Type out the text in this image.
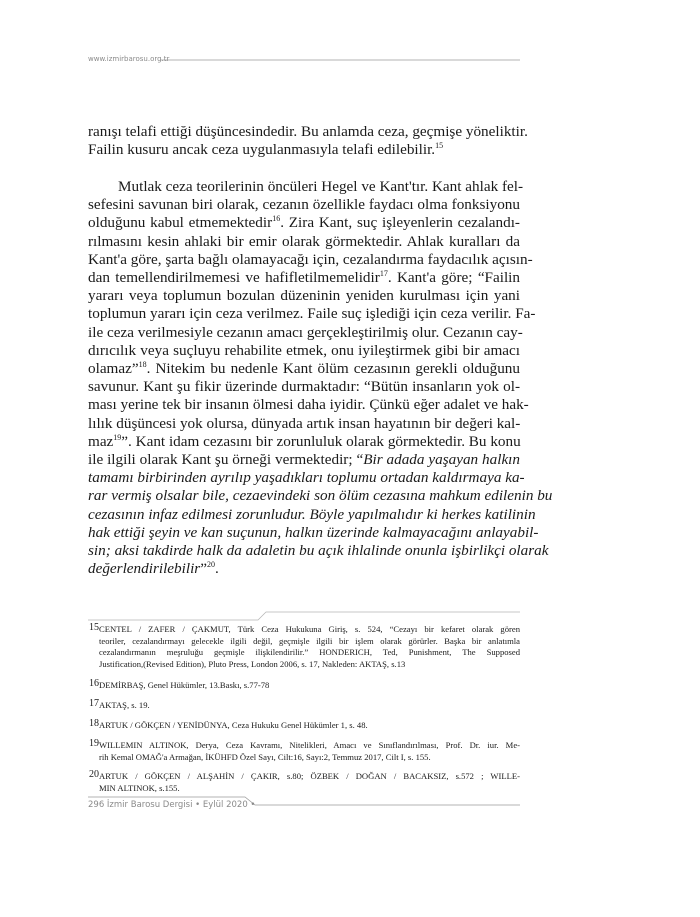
www.izmirbarosu.org.tr
ranışı telafi ettiği düşüncesindedir. Bu anlamda ceza, geçmişe yöneliktir.
Failin kusuru ancak ceza uygulanmasıyla telafi edilebilir.$^{15}$
Mutlak ceza teorilerinin öncüleri Hegel ve Kant'tır. Kant ahlak fel-
sefesini savunan biri olarak, cezanın özellikle faydacı olma fonksiyonu
olduğunu kabul etmemektedir$^{16}$. Zira Kant, suç işleyenlerin cezalandı-
rılmasını kesin ahlaki bir emir olarak görmektedir. Ahlak kuralları da
Kant'a göre, şarta bağlı olamayacağı için, cezalandırma faydacılık açısın-
dan temellendirilmemesi ve hafifletilmemelidir$^{17}$. Kant'a göre; “Failin
yararı veya toplumun bozulan düzeninin yeniden kurulması için yani
toplumun yararı için ceza verilmez. Faile suç işlediği için ceza verilir. Fa-
ile ceza verilmesiyle cezanın amacı gerçekleştirilmiş olur. Cezanın cay-
dırıcılık veya suçluyu rehabilite etmek, onu iyileştirmek gibi bir amacı
olamaz”$^{18}$. Nitekim bu nedenle Kant ölüm cezasının gerekli olduğunu
savunur. Kant şu fikir üzerinde durmaktadır: “Bütün insanların yok ol-
ması yerine tek bir insanın ölmesi daha iyidir. Çünkü eğer adalet ve hak-
lılık düşüncesi yok olursa, dünyada artık insan hayatının bir değeri kal-
maz$^{19}$”. Kant idam cezasını bir zorunluluk olarak görmektedir. Bu konu
ile ilgili olarak Kant şu örneği vermektedir; “Bir adada yaşayan halkın
tamamı birbirinden ayrılıp yaşadıkları toplumu ortadan kaldırmaya ka-
rar vermiş olsalar bile, cezaevindeki son ölüm cezasına mahkum edilenin bu
cezasının infaz edilmesi zorunludur. Böyle yapılmalıdır ki herkes katilinin
hak ettiği şeyin ve kan suçunun, halkın üzerinde kalmayacağını anlayabil-
sin; aksi takdirde halk da adaletin bu açık ihlalinde onunla işbirlikçi olarak
değerlendirilebilir”$^{20}$.
15 CENTEL / ZAFER / ÇAKMUT, Türk Ceza Hukukuna Giriş, s. 524, “Cezayı bir kefaret olarak gören
teoriler, cezalandırmayı gelecekle ilgili değil, geçmişle ilgili bir işlem olarak görürler. Başka bir anlatımla
cezalandırmanın meşruluğu geçmişle ilişkilendirilir.” HONDERICH, Ted, Punishment, The Supposed
Justification,(Revised Edition), Pluto Press, London 2006, s. 17, Nakleden: AKTAŞ, s.13
16 DEMİRBAŞ, Genel Hükümler, 13.Baskı, s.77-78
17 AKTAŞ, s. 19.
18 ARTUK / GÖKÇEN / YENİDÜNYA, Ceza Hukuku Genel Hükümler 1, s. 48.
19 WILLEMIN ALTINOK, Derya, Ceza Kavramı, Nitelikleri, Amacı ve Sınıflandırılması, Prof. Dr. iur. Me-
rih Kemal OMAĞ'a Armağan, İKÜHFD Özel Sayı, Cilt:16, Sayı:2, Temmuz 2017, Cilt I, s. 155.
20 ARTUK / GÖKÇEN / ALŞAHİN / ÇAKIR, s.80; ÖZBEK / DOĞAN / BACAKSIZ, s.572 ; WILLE-
MIN ALTINOK, s.155.
296 İzmir Barosu Dergisi • Eylül 2020 •
